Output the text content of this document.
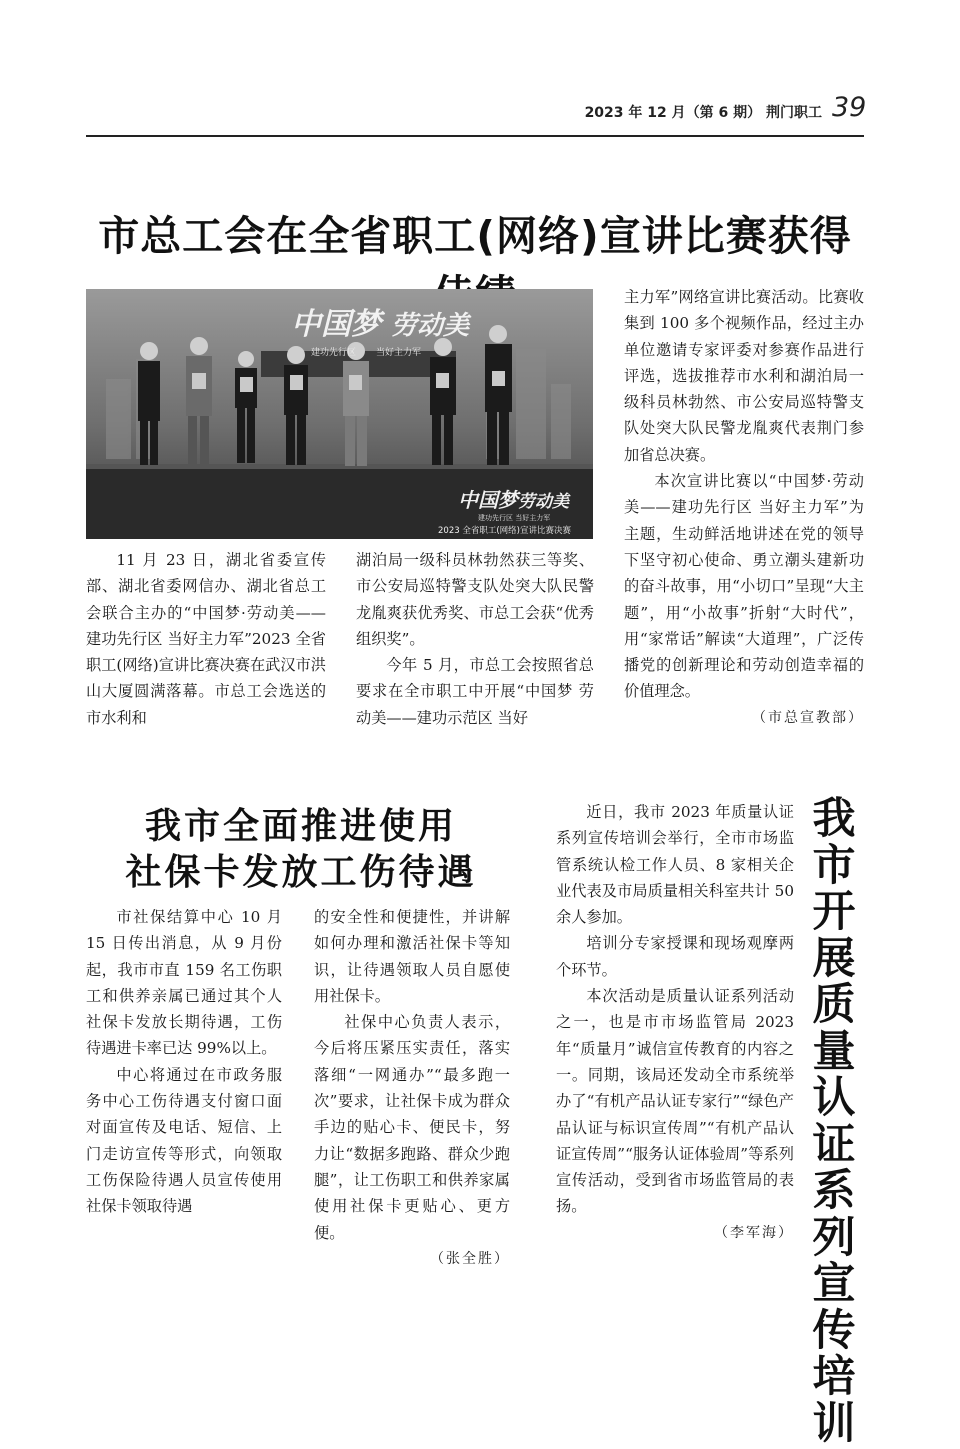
2023 年 12 月（第 6 期） 荆门职工 39
市总工会在全省职工(网络)宣讲比赛获得
中国梦 劳动美
建功先行区 当好主力军
中国梦 劳动美
建功先行区 当好主力军
2023 全省职工(网络)宣讲比赛决赛

11 月 23 日，湖北省委宣传部、湖北省委网信办、湖北省总工会联合主办的“中国梦·劳动美——建功先行区 当好主力军”2023 全省职工(网络)宣讲比赛决赛在武汉市洪山大厦圆满落幕。市总工会选送的市水利和

湖泊局一级科员林勃然获三等奖、市公安局巡特警支队处突大队民警龙胤爽获优秀奖、市总工会获“优秀组织奖”。

今年 5 月，市总工会按照省总要求在全市职工中开展“中国梦 劳动美——建功示范区 当好

主力军”网络宣讲比赛活动。比赛收集到 100 多个视频作品，经过主办单位邀请专家评委对参赛作品进行评选，选拔推荐市水利和湖泊局一级科员林勃然、市公安局巡特警支队处突大队民警龙胤爽代表荆门参加省总决赛。

本次宣讲比赛以“中国梦·劳动美——建功先行区 当好主力军”为主题，生动鲜活地讲述在党的领导下坚守初心使命、勇立潮头建新功的奋斗故事，用“小切口”呈现“大主题”，用“小故事”折射“大时代”，用“家常话”解读“大道理”，广泛传播党的创新理论和劳动创造幸福的价值理念。

（市总宣教部）

我市全面推进使用
社保卡发放工伤待遇

市社保结算中心 10 月 15 日传出消息，从 9 月份起，我市市直 159 名工伤职工和供养亲属已通过其个人社保卡发放长期待遇，工伤待遇进卡率已达 99%以上。

中心将通过在市政务服务中心工伤待遇支付窗口面对面宣传及电话、短信、上门走访宣传等形式，向领取工伤保险待遇人员宣传使用社保卡领取待遇

的安全性和便捷性，并讲解如何办理和激活社保卡等知识，让待遇领取人员自愿使用社保卡。

社保中心负责人表示，今后将压紧压实责任，落实落细“一网通办”“最多跑一次”要求，让社保卡成为群众手边的贴心卡、便民卡，努力让“数据多跑路、群众少跑腿”，让工伤职工和供养家属使用社保卡更贴心、更方便。

（张全胜）

近日，我市 2023 年质量认证系列宣传培训会举行，全市市场监管系统认检工作人员、8 家相关企业代表及市局质量相关科室共计 50 余人参加。

培训分专家授课和现场观摩两个环节。

本次活动是质量认证系列活动之一，也是市市场监管局 2023 年“质量月”诚信宣传教育的内容之一。同期，该局还发动全市系统举办了“有机产品认证专家行”“绿色产品认证与标识宣传周”“有机产品认证宣传周”“服务认证体验周”等系列宣传活动，受到省市场监管局的表扬。

（李军海）

我
市
开
展
质
量
认
证
系
列
宣
传
培
训
